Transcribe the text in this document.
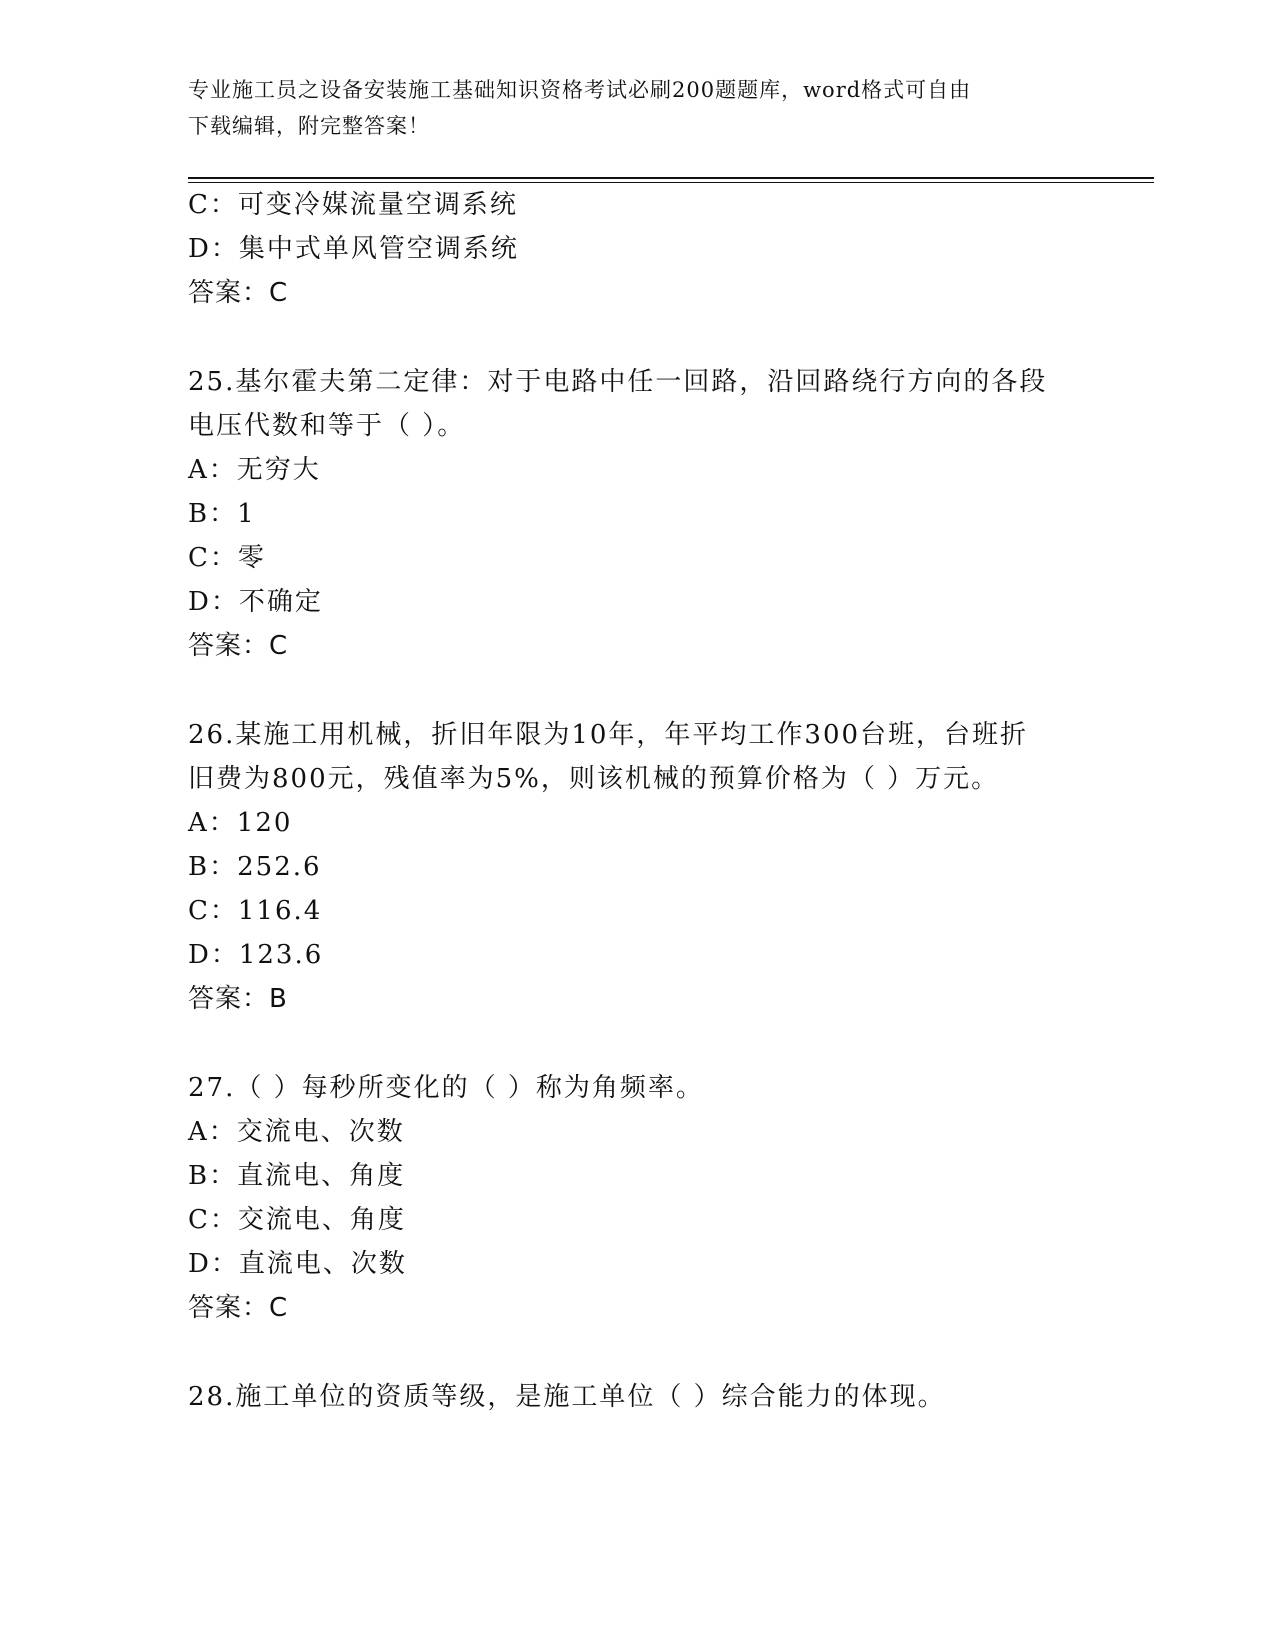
专业施工员之设备安装施工基础知识资格考试必刷200题题库，word格式可自由
下载编辑，附完整答案！
C：可变冷媒流量空调系统
D：集中式单风管空调系统
答案：C
25.基尔霍夫第二定律：对于电路中任一回路，沿回路绕行方向的各段
电压代数和等于（ ）。
A：无穷大
B：1
C：零
D：不确定
答案：C
26.某施工用机械，折旧年限为10年，年平均工作300台班，台班折
旧费为800元，残值率为5%，则该机械的预算价格为（ ）万元。
A：120
B：252.6
C：116.4
D：123.6
答案：B
27.（ ）每秒所变化的（ ）称为角频率。
A：交流电、次数
B：直流电、角度
C：交流电、角度
D：直流电、次数
答案：C
28.施工单位的资质等级，是施工单位（ ）综合能力的体现。
